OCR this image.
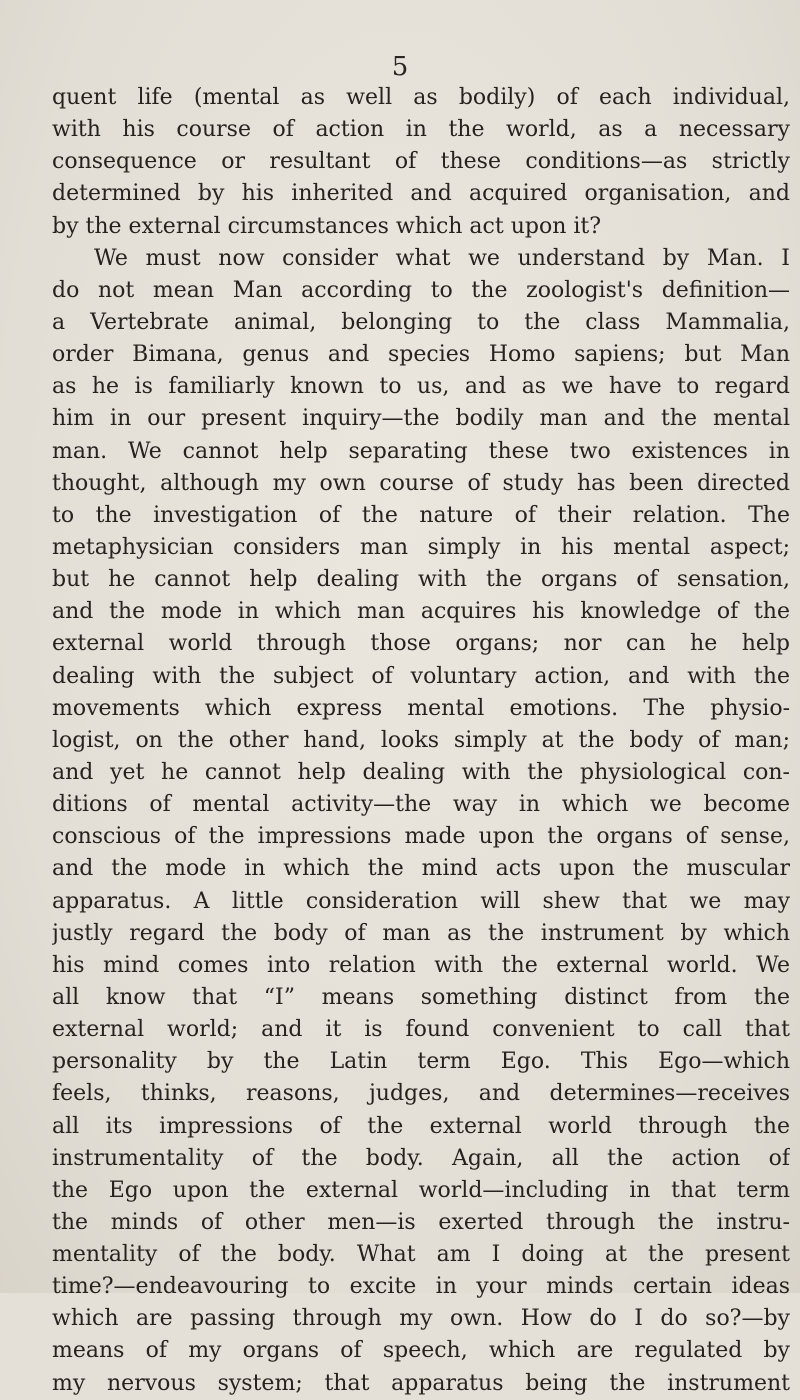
5
quent life (mental as well as bodily) of each individual,
with his course of action in the world, as a necessary
consequence or resultant of these conditions—as strictly
determined by his inherited and acquired organisation, and
by the external circumstances which act upon it?
We must now consider what we understand by Man. I
do not mean Man according to the zoologist's definition—
a Vertebrate animal, belonging to the class Mammalia,
order Bimana, genus and species Homo sapiens; but Man
as he is familiarly known to us, and as we have to regard
him in our present inquiry—the bodily man and the mental
man. We cannot help separating these two existences in
thought, although my own course of study has been directed
to the investigation of the nature of their relation. The
metaphysician considers man simply in his mental aspect;
but he cannot help dealing with the organs of sensation,
and the mode in which man acquires his knowledge of the
external world through those organs; nor can he help
dealing with the subject of voluntary action, and with the
movements which express mental emotions. The physio-
logist, on the other hand, looks simply at the body of man;
and yet he cannot help dealing with the physiological con-
ditions of mental activity—the way in which we become
conscious of the impressions made upon the organs of sense,
and the mode in which the mind acts upon the muscular
apparatus. A little consideration will shew that we may
justly regard the body of man as the instrument by which
his mind comes into relation with the external world. We
all know that “I” means something distinct from the
external world; and it is found convenient to call that
personality by the Latin term Ego. This Ego—which
feels, thinks, reasons, judges, and determines—receives
all its impressions of the external world through the
instrumentality of the body. Again, all the action of
the Ego upon the external world—including in that term
the minds of other men—is exerted through the instru-
mentality of the body. What am I doing at the present
time?—endeavouring to excite in your minds certain ideas
which are passing through my own. How do I do so?—by
means of my organs of speech, which are regulated by
my nervous system; that apparatus being the instrument
